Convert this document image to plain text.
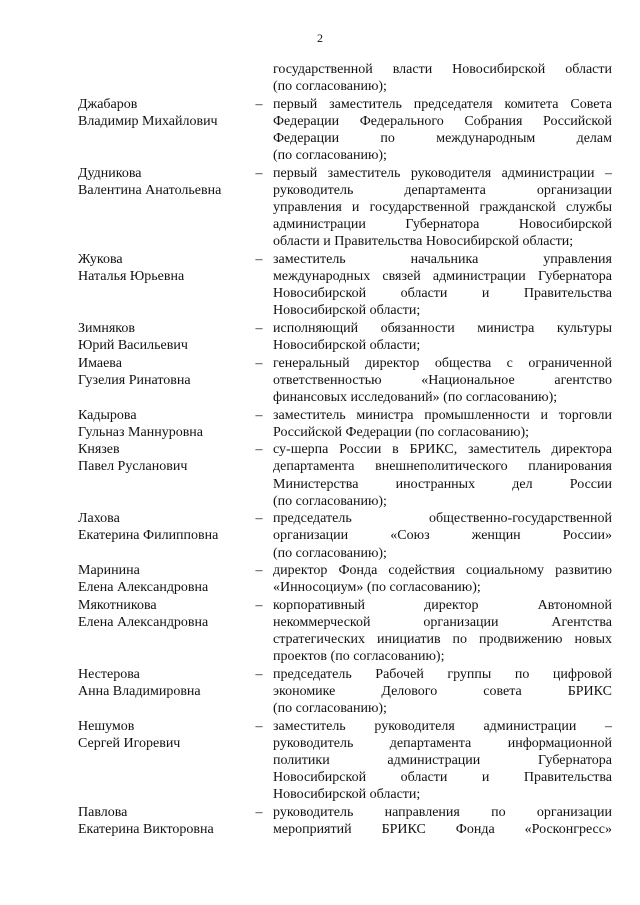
2
государственной власти Новосибирской области
(по согласованию);
Джабаров
Владимир Михайлович
– первый заместитель председателя комитета Совета
Федерации Федерального Собрания Российской
Федерации по международным делам
(по согласованию);
Дудникова
Валентина Анатольевна
– первый заместитель руководителя администрации –
руководитель департамента организации
управления и государственной гражданской службы
администрации Губернатора Новосибирской
области и Правительства Новосибирской области;
Жукова
Наталья Юрьевна
– заместитель начальника управления
международных связей администрации Губернатора
Новосибирской области и Правительства
Новосибирской области;
Зимняков
Юрий Васильевич
– исполняющий обязанности министра культуры
Новосибирской области;
Имаева
Гузелия Ринатовна
– генеральный директор общества с ограниченной
ответственностью «Национальное агентство
финансовых исследований» (по согласованию);
Кадырова
Гульназ Маннуровна
– заместитель министра промышленности и торговли
Российской Федерации (по согласованию);
Князев
Павел Русланович
– су-шерпа России в БРИКС, заместитель директора
департамента внешнеполитического планирования
Министерства иностранных дел России
(по согласованию);
Лахова
Екатерина Филипповна
– председатель общественно-государственной
организации «Союз женщин России»
(по согласованию);
Маринина
Елена Александровна
– директор Фонда содействия социальному развитию
«Инносоциум» (по согласованию);
Мякотникова
Елена Александровна
– корпоративный директор Автономной
некоммерческой организации Агентства
стратегических инициатив по продвижению новых
проектов (по согласованию);
Нестерова
Анна Владимировна
– председатель Рабочей группы по цифровой
экономике Делового совета БРИКС
(по согласованию);
Нешумов
Сергей Игоревич
– заместитель руководителя администрации –
руководитель департамента информационной
политики администрации Губернатора
Новосибирской области и Правительства
Новосибирской области;
Павлова
Екатерина Викторовна
– руководитель направления по организации
мероприятий БРИКС Фонда «Росконгресс»
